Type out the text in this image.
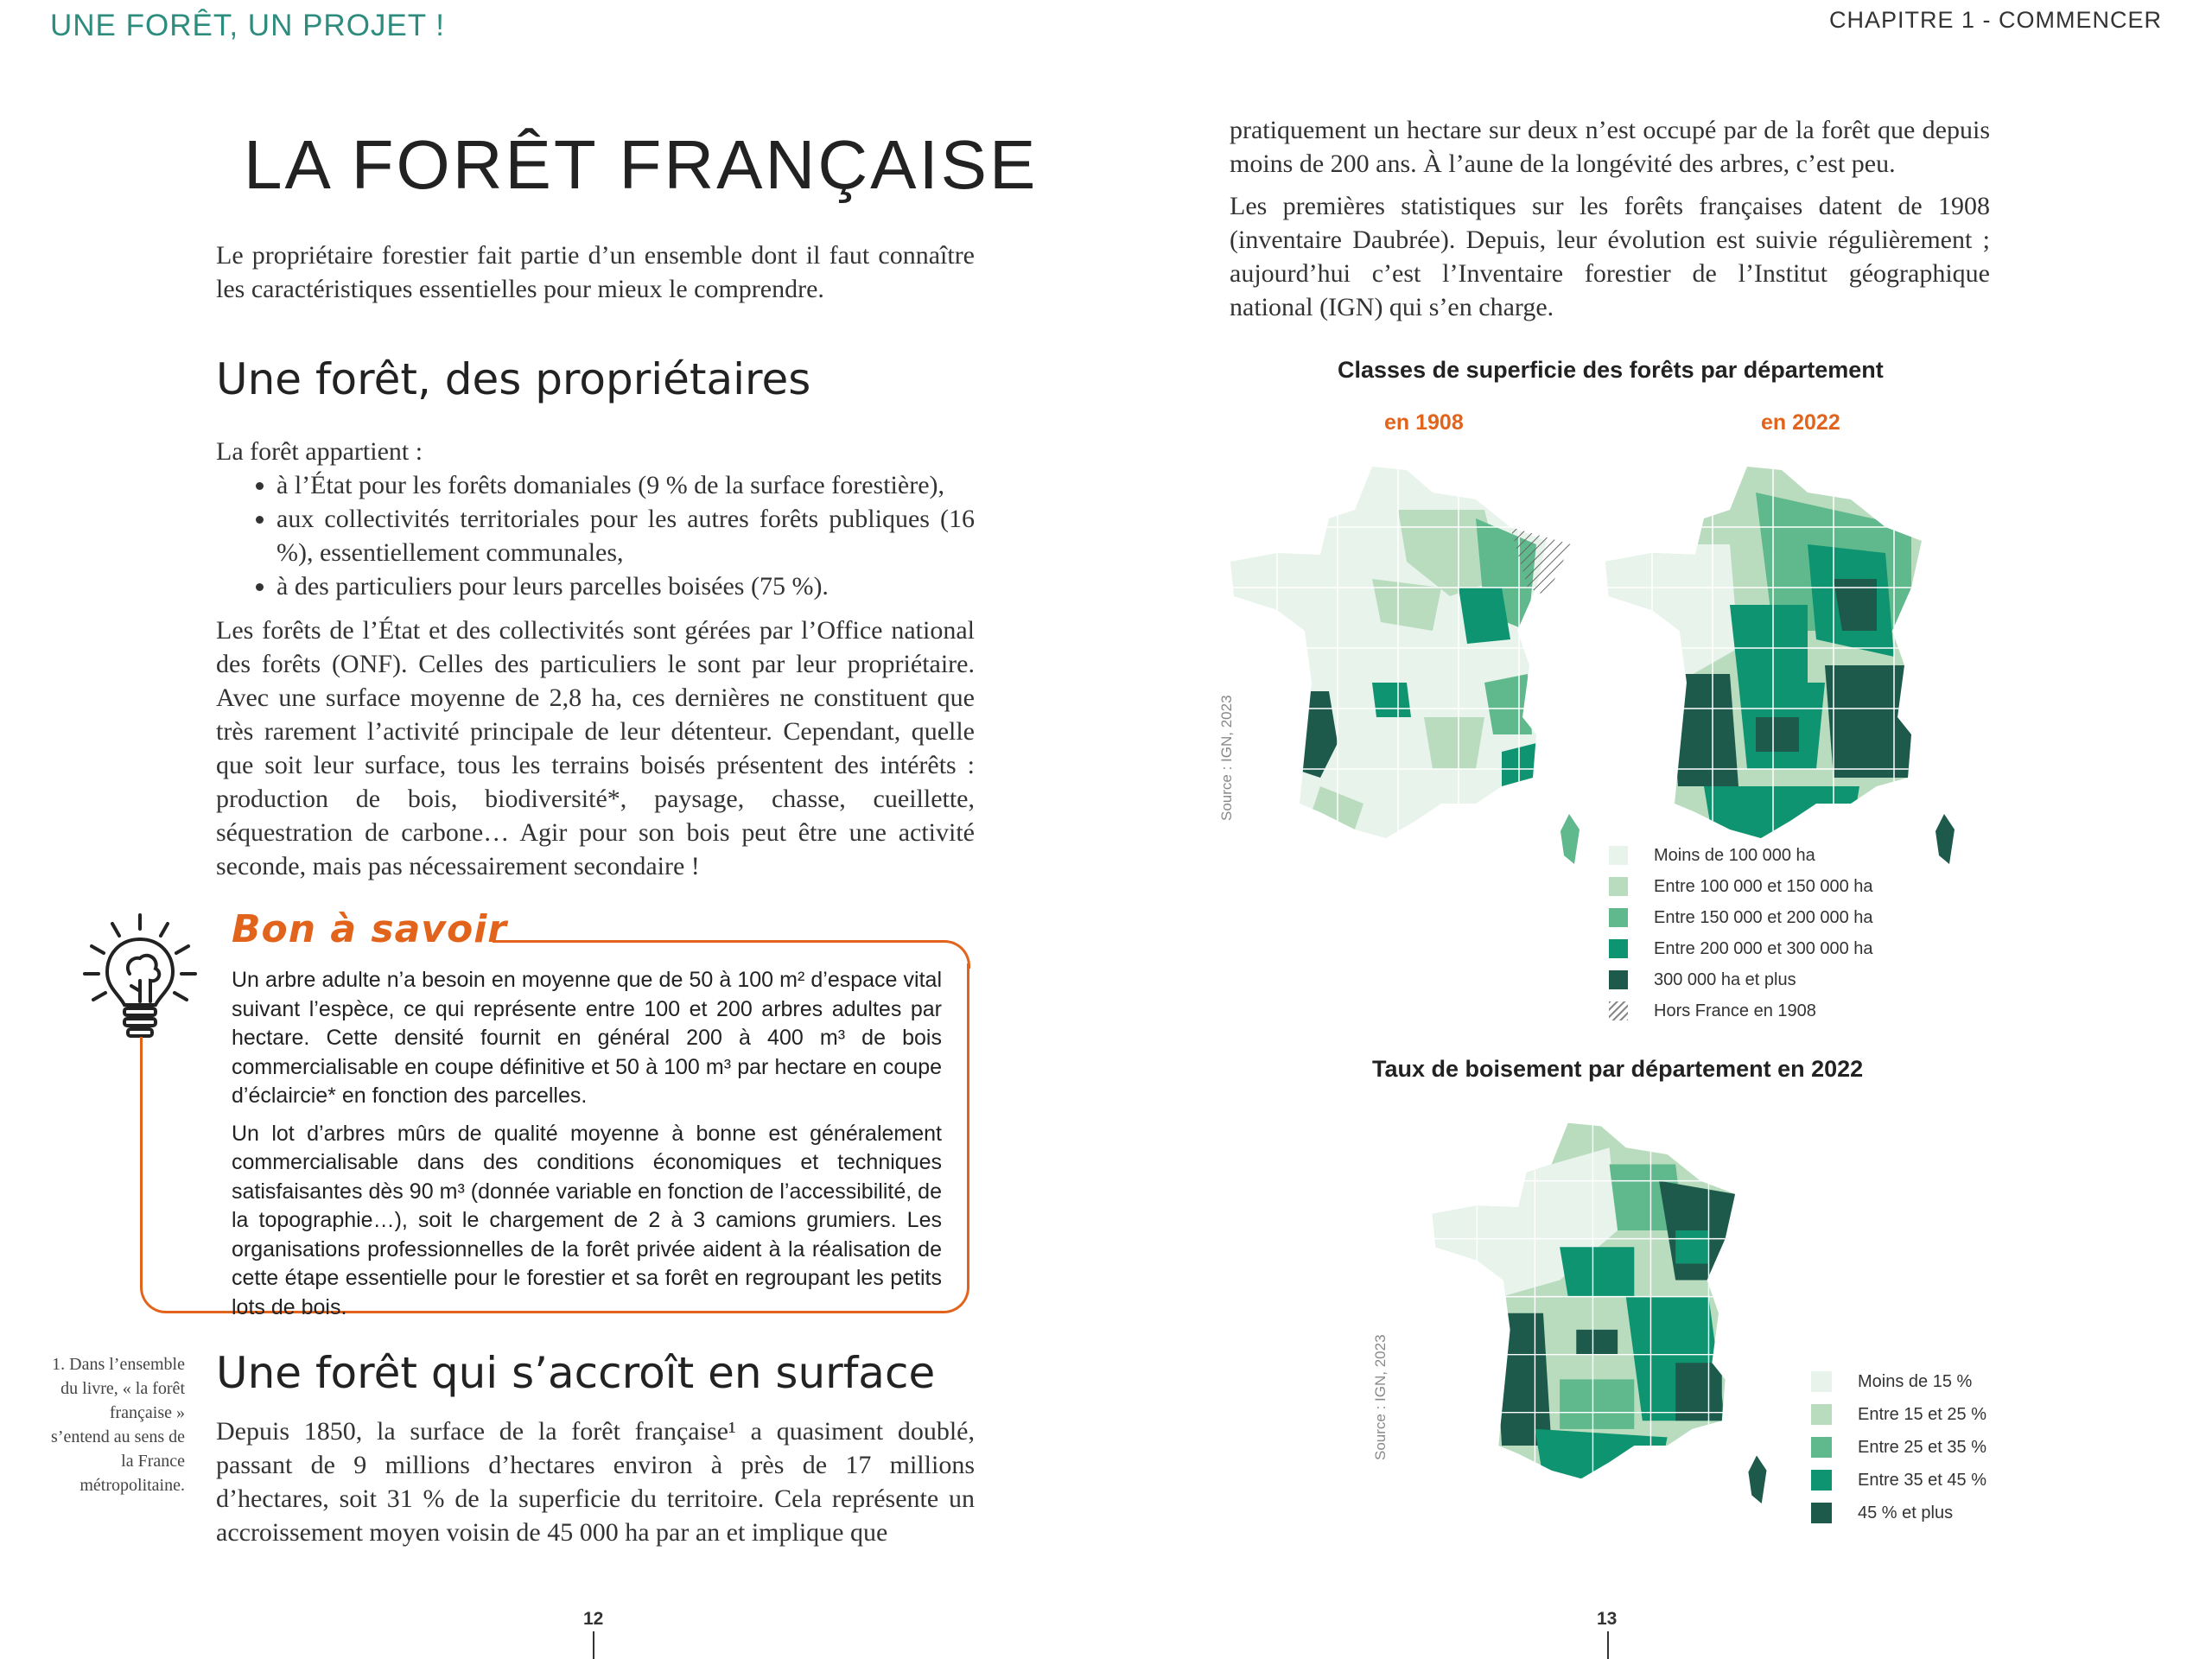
UNE FORÊT, UN PROJET !	CHAPITRE 1 - COMMENCER
LA FORÊT FRANÇAISE
Le propriétaire forestier fait partie d’un ensemble dont il faut connaître les caractéristiques essentielles pour mieux le comprendre.
Une forêt, des propriétaires

La forêt appartient :

• à l’État pour les forêts domaniales (9 % de la surface forestière),
• aux collectivités territoriales pour les autres forêts publiques (16 %), essentiellement communales,
• à des particuliers pour leurs parcelles boisées (75 %).

Les forêts de l’État et des collectivités sont gérées par l’Office national des forêts (ONF). Celles des particuliers le sont par leur propriétaire. Avec une surface moyenne de 2,8 ha, ces dernières ne constituent que très rarement l’activité principale de leur détenteur. Cependant, quelle que soit leur surface, tous les terrains boisés présentent des intérêts : production de bois, biodiversité*, paysage, chasse, cueillette, séquestration de carbone… Agir pour son bois peut être une activité seconde, mais pas nécessairement secondaire !

Bon à savoir

Un arbre adulte n’a besoin en moyenne que de 50 à 100 m² d’espace vital suivant l’espèce, ce qui représente entre 100 et 200 arbres adultes par hectare. Cette densité fournit en général 200 à 400 m³ de bois commercialisable en coupe définitive et 50 à 100 m³ par hectare en coupe d’éclaircie* en fonction des parcelles.

Un lot d’arbres mûrs de qualité moyenne à bonne est généralement commercialisable dans des conditions économiques et techniques satisfaisantes dès 90 m³ (donnée variable en fonction de l’accessibilité, de la topographie…), soit le chargement de 2 à 3 camions grumiers. Les organisations professionnelles de la forêt privée aident à la réalisation de cette étape essentielle pour le forestier et sa forêt en regroupant les petits lots de bois.

Une forêt qui s’accroît en surface
Depuis 1850, la surface de la forêt française¹ a quasiment doublé, passant de 9 millions d’hectares environ à près de 17 millions d’hectares, soit 31 % de la superficie du territoire. Cela représente un accroissement moyen voisin de 45 000 ha par an et implique que
1. Dans l’ensemble du livre, « la forêt française » s’entend au sens de la France métropolitaine.
12

pratiquement un hectare sur deux n’est occupé par de la forêt que depuis moins de 200 ans. À l’aune de la longévité des arbres, c’est peu.

Les premières statistiques sur les forêts françaises datent de 1908 (inventaire Daubrée). Depuis, leur évolution est suivie régulièrement ; aujourd’hui c’est l’Inventaire forestier de l’Institut géographique national (IGN) qui s’en charge.

Classes de superficie des forêts par département
en 1908	en 2022
Source : IGN, 2023
Moins de 100 000 ha
Entre 100 000 et 150 000 ha
Entre 150 000 et 200 000 ha
Entre 200 000 et 300 000 ha
300 000 ha et plus
Hors France en 1908
Taux de boisement par département en 2022
Source : IGN, 2023	Moins de 15 %
Entre 15 et 25 %
Entre 25 et 35 %
Entre 35 et 45 %
45 % et plus
13
